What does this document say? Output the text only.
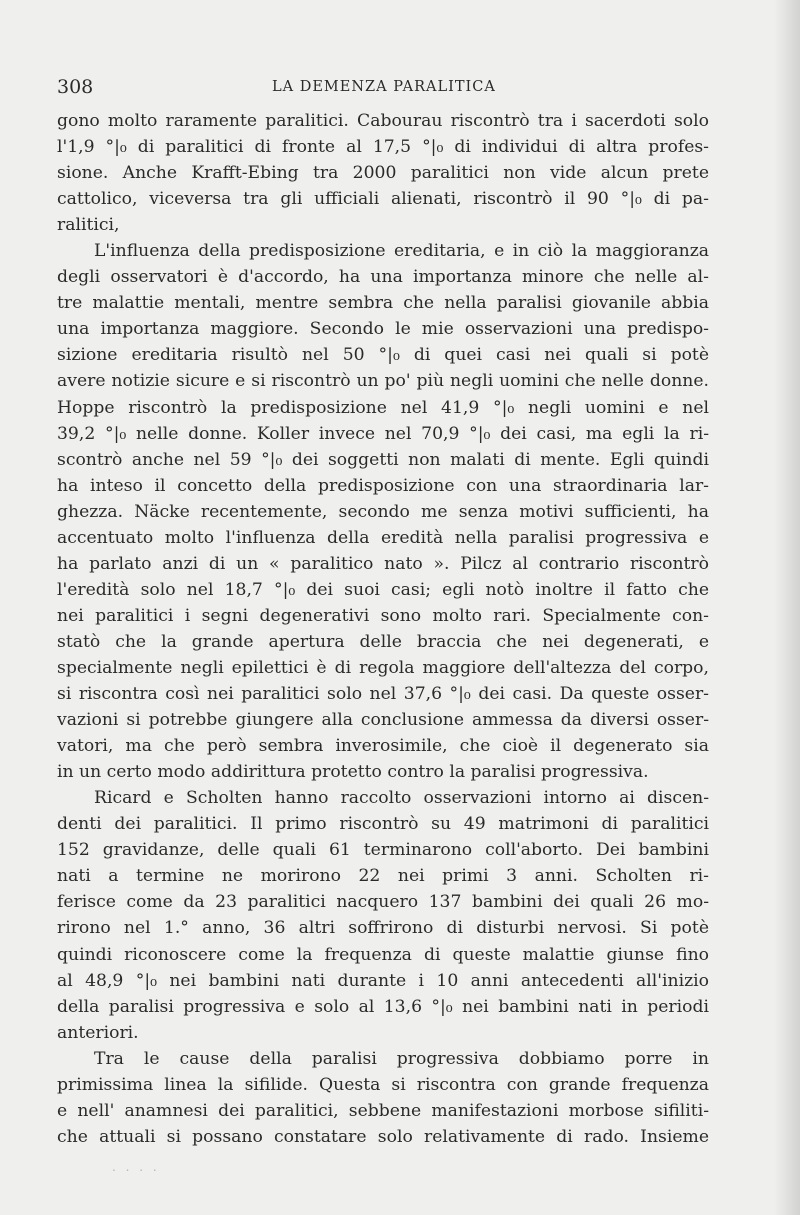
308	LA DEMENZA PARALITICA
gono molto raramente paralitici. Cabourau riscontrò tra i sacerdoti solo
l'1,9 °|₀ di paralitici di fronte al 17,5 °|₀ di individui di altra profes-
sione. Anche Krafft-Ebing tra 2000 paralitici non vide alcun prete
cattolico, viceversa tra gli ufficiali alienati, riscontrò il 90 °|₀ di pa-
ralitici,
L'influenza della predisposizione ereditaria, e in ciò la maggioranza
degli osservatori è d'accordo, ha una importanza minore che nelle al-
tre malattie mentali, mentre sembra che nella paralisi giovanile abbia
una importanza maggiore. Secondo le mie osservazioni una predispo-
sizione ereditaria risultò nel 50 °|₀ di quei casi nei quali si potè
avere notizie sicure e si riscontrò un po' più negli uomini che nelle donne.
Hoppe riscontrò la predisposizione nel 41,9 °|₀ negli uomini e nel
39,2 °|₀ nelle donne. Koller invece nel 70,9 °|₀ dei casi, ma egli la ri-
scontrò anche nel 59 °|₀ dei soggetti non malati di mente. Egli quindi
ha inteso il concetto della predisposizione con una straordinaria lar-
ghezza. Näcke recentemente, secondo me senza motivi sufficienti, ha
accentuato molto l'influenza della eredità nella paralisi progressiva e
ha parlato anzi di un « paralitico nato ». Pilcz al contrario riscontrò
l'eredità solo nel 18,7 °|₀ dei suoi casi; egli notò inoltre il fatto che
nei paralitici i segni degenerativi sono molto rari. Specialmente con-
statò che la grande apertura delle braccia che nei degenerati, e
specialmente negli epilettici è di regola maggiore dell'altezza del corpo,
si riscontra così nei paralitici solo nel 37,6 °|₀ dei casi. Da queste osser-
vazioni si potrebbe giungere alla conclusione ammessa da diversi osser-
vatori, ma che però sembra inverosimile, che cioè il degenerato sia
in un certo modo addirittura protetto contro la paralisi progressiva.
Ricard e Scholten hanno raccolto osservazioni intorno ai discen-
denti dei paralitici. Il primo riscontrò su 49 matrimoni di paralitici
152 gravidanze, delle quali 61 terminarono coll'aborto. Dei bambini
nati a termine ne morirono 22 nei primi 3 anni. Scholten ri-
ferisce come da 23 paralitici nacquero 137 bambini dei quali 26 mo-
rirono nel 1.° anno, 36 altri soffrirono di disturbi nervosi. Si potè
quindi riconoscere come la frequenza di queste malattie giunse fino
al 48,9 °|₀ nei bambini nati durante i 10 anni antecedenti all'inizio
della paralisi progressiva e solo al 13,6 °|₀ nei bambini nati in periodi
anteriori.
Tra le cause della paralisi progressiva dobbiamo porre in
primissima linea la sifilide. Questa si riscontra con grande frequenza
e nell' anamnesi dei paralitici, sebbene manifestazioni morbose sifiliti-
che attuali si possano constatare solo relativamente di rado. Insieme
. . . .
